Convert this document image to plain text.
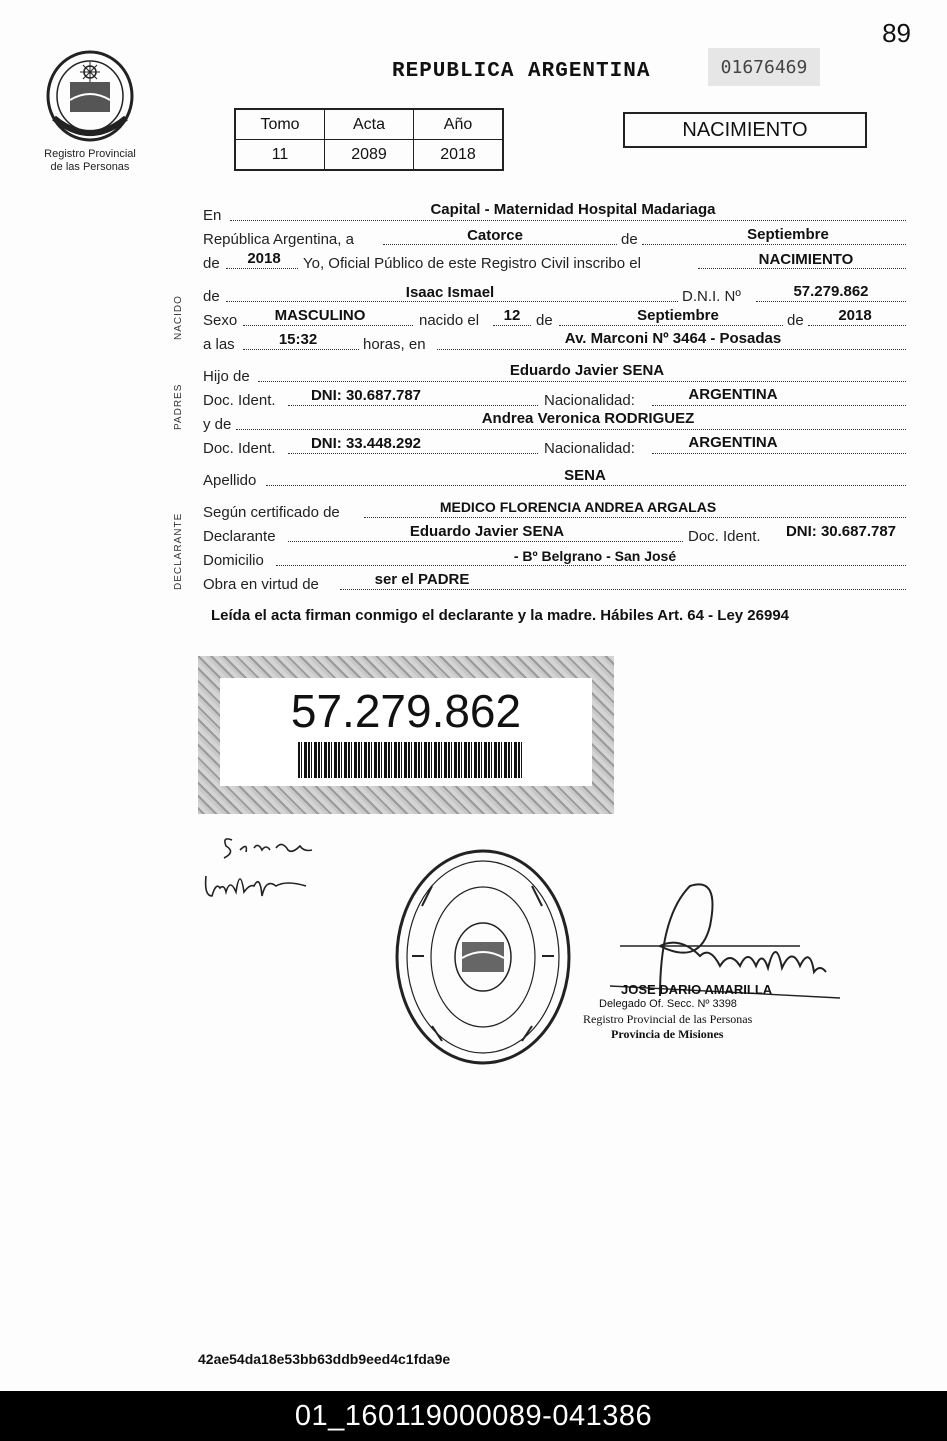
89
Registro Provincial
de las Personas
REPUBLICA ARGENTINA	01676469
Tomo	Acta	Año
11	2089	2018
NACIMIENTO
NACIDO
PADRES
DECLARANTE
En	Capital - Maternidad Hospital Madariaga
República Argentina, a	Catorce	de	Septiembre
de	2018	Yo, Oficial Público de este Registro Civil inscribo el	NACIMIENTO
de	Isaac Ismael	D.N.I. Nº	57.279.862
Sexo	MASCULINO	nacido el	12	de	Septiembre	de	2018
a las	15:32	horas, en	Av. Marconi Nº 3464 - Posadas
Hijo de	Eduardo Javier SENA
Doc. Ident.	DNI: 30.687.787	Nacionalidad:	ARGENTINA
y de	Andrea Veronica RODRIGUEZ
Doc. Ident.	DNI: 33.448.292	Nacionalidad:	ARGENTINA
Apellido	SENA
Según certificado de	MEDICO FLORENCIA ANDREA ARGALAS
Declarante	Eduardo Javier SENA	Doc. Ident.	DNI: 30.687.787
Domicilio	- Bº Belgrano - San José
Obra en virtud de	ser el PADRE
Leída el acta firman conmigo el declarante y la madre. Hábiles Art. 64 - Ley 26994
57.279.862
JOSE DARIO AMARILLA
Delegado Of. Secc. Nº 3398
Registro Provincial de las Personas
Provincia de Misiones
42ae54da18e53bb63ddb9eed4c1fda9e
01_160119000089-041386
